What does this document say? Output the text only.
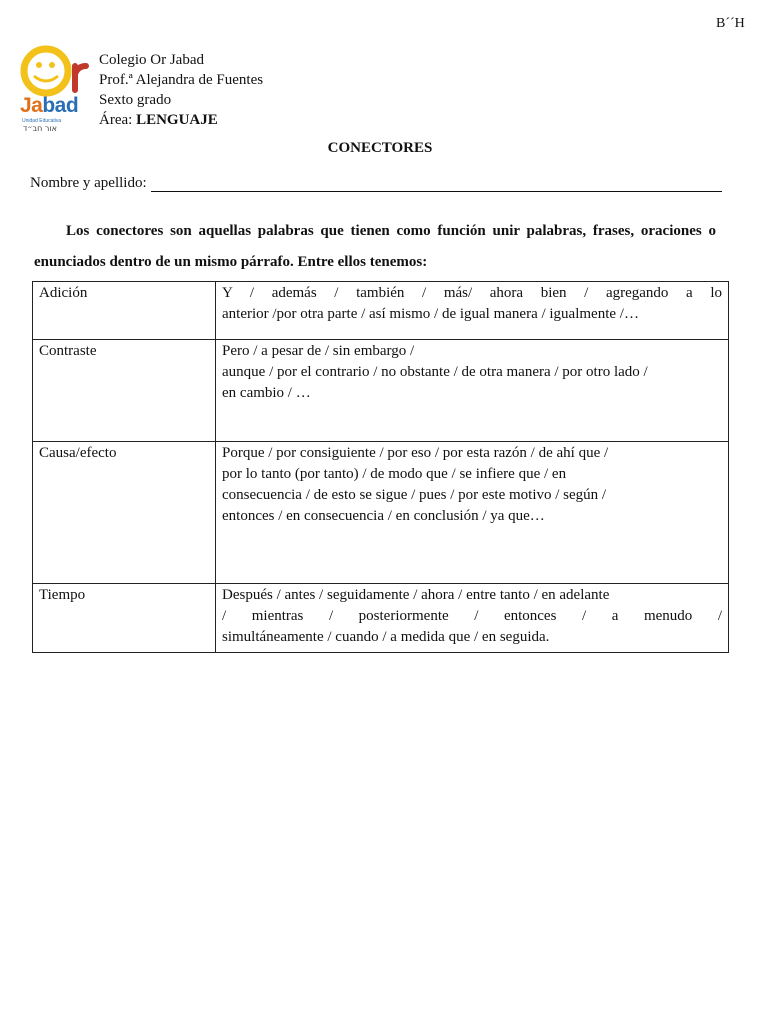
B´´H
Jabad
Unidad Educativa
אור חב״ד
Colegio Or Jabad
Prof.ª Alejandra de Fuentes
Sexto grado
Área: LENGUAJE
CONECTORES
Nombre y apellido:
Los conectores son aquellas palabras que tienen como función unir palabras, frases, oraciones o enunciados dentro de un mismo párrafo. Entre ellos tenemos:
Adición	Y / además / también / más/ ahora bien / agregando a lo
anterior /por otra parte / así mismo / de igual manera / igualmente /…

Contraste	Pero / a pesar de / sin embargo /
aunque / por el contrario / no obstante / de otra manera / por otro lado /
en cambio / …

Causa/efecto	Porque / por consiguiente / por eso / por esta razón / de ahí que /
por lo tanto (por tanto) / de modo que / se infiere que / en
consecuencia / de esto se sigue / pues / por este motivo / según /
entonces / en consecuencia / en conclusión / ya que…

Tiempo	Después / antes / seguidamente / ahora / entre tanto / en adelante
/ mientras / posteriormente / entonces / a menudo /
simultáneamente / cuando / a medida que / en seguida.
